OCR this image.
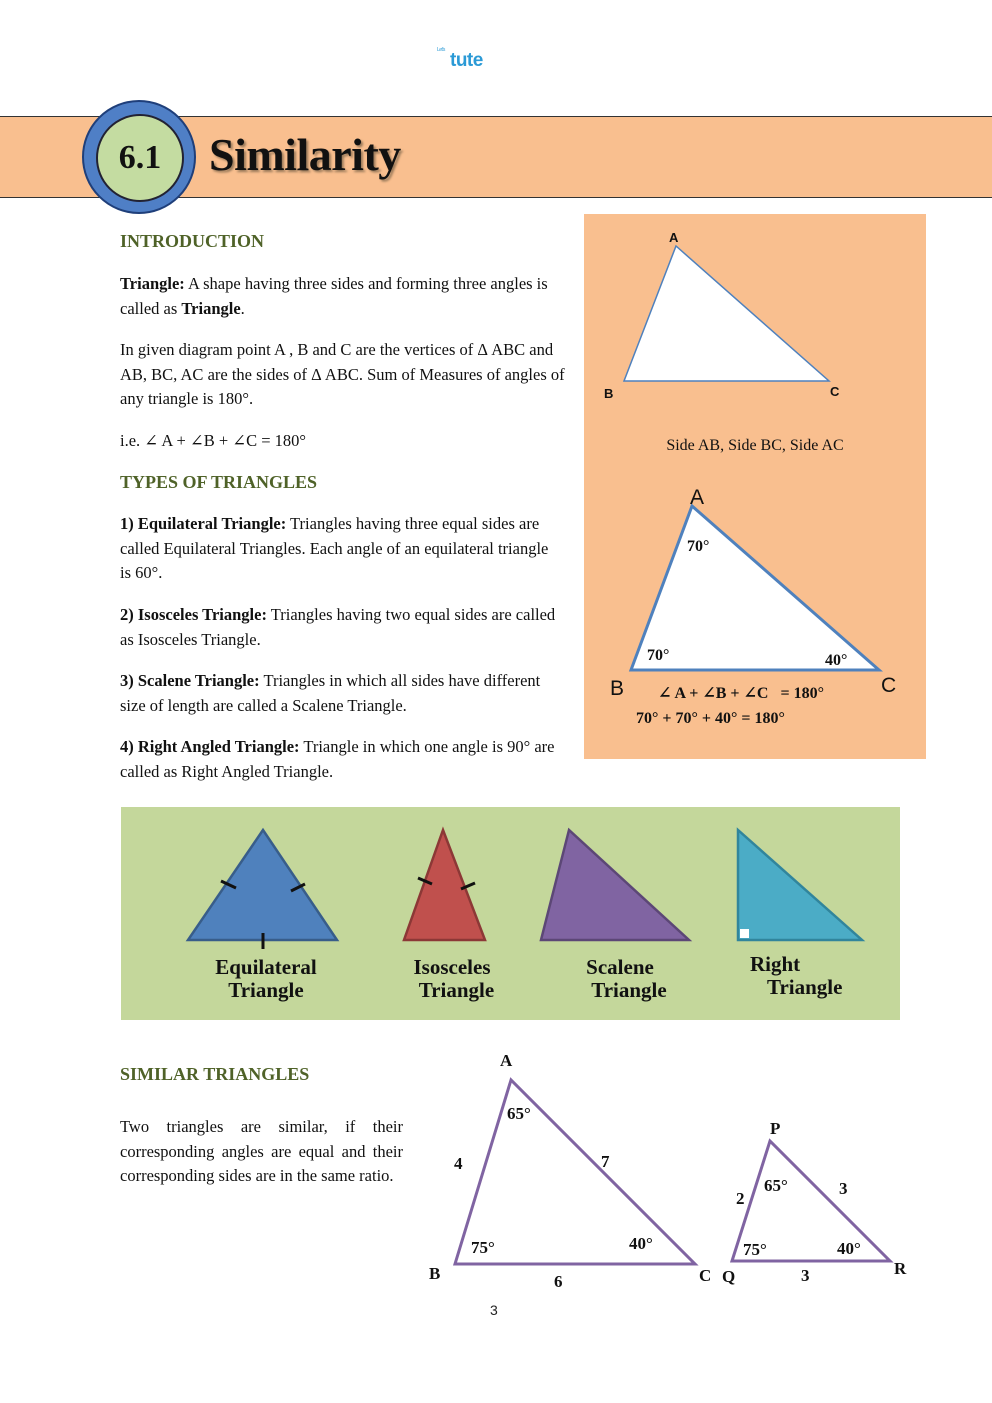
Let's tute
6.1	Similarity
INTRODUCTION
Triangle: A shape having three sides and forming three angles is called as Triangle.
In given diagram point A , B and C are the vertices of Δ ABC and AB, BC, AC are the sides of Δ ABC. Sum of Measures of angles of any triangle is 180°.
i.e. ∠ A + ∠B + ∠C = 180°
TYPES OF TRIANGLES
1) Equilateral Triangle: Triangles having three equal sides are called Equilateral Triangles. Each angle of an equilateral triangle is 60°.
2) Isosceles Triangle: Triangles having two equal sides are called as Isosceles Triangle.
3) Scalene Triangle: Triangles in which all sides have different size of length are called a Scalene Triangle.
4) Right Angled Triangle: Triangle in which one angle is 90° are called as Right Angled Triangle.
A
B	C
Side AB, Side BC, Side AC
A
B	C
70°
70°	40°
∠ A + ∠B + ∠C   = 180°
70° + 70° + 40° = 180°
Equilateral
Triangle
Isosceles
Triangle
Scalene
Triangle
Right
Triangle
SIMILAR TRIANGLES
Two triangles are similar, if their corresponding angles are equal and their corresponding sides are in the same ratio.
A
B	C
65°
75°	40°
4	7
6
P
Q	R
65°
75°	40°
2
3
3
3
